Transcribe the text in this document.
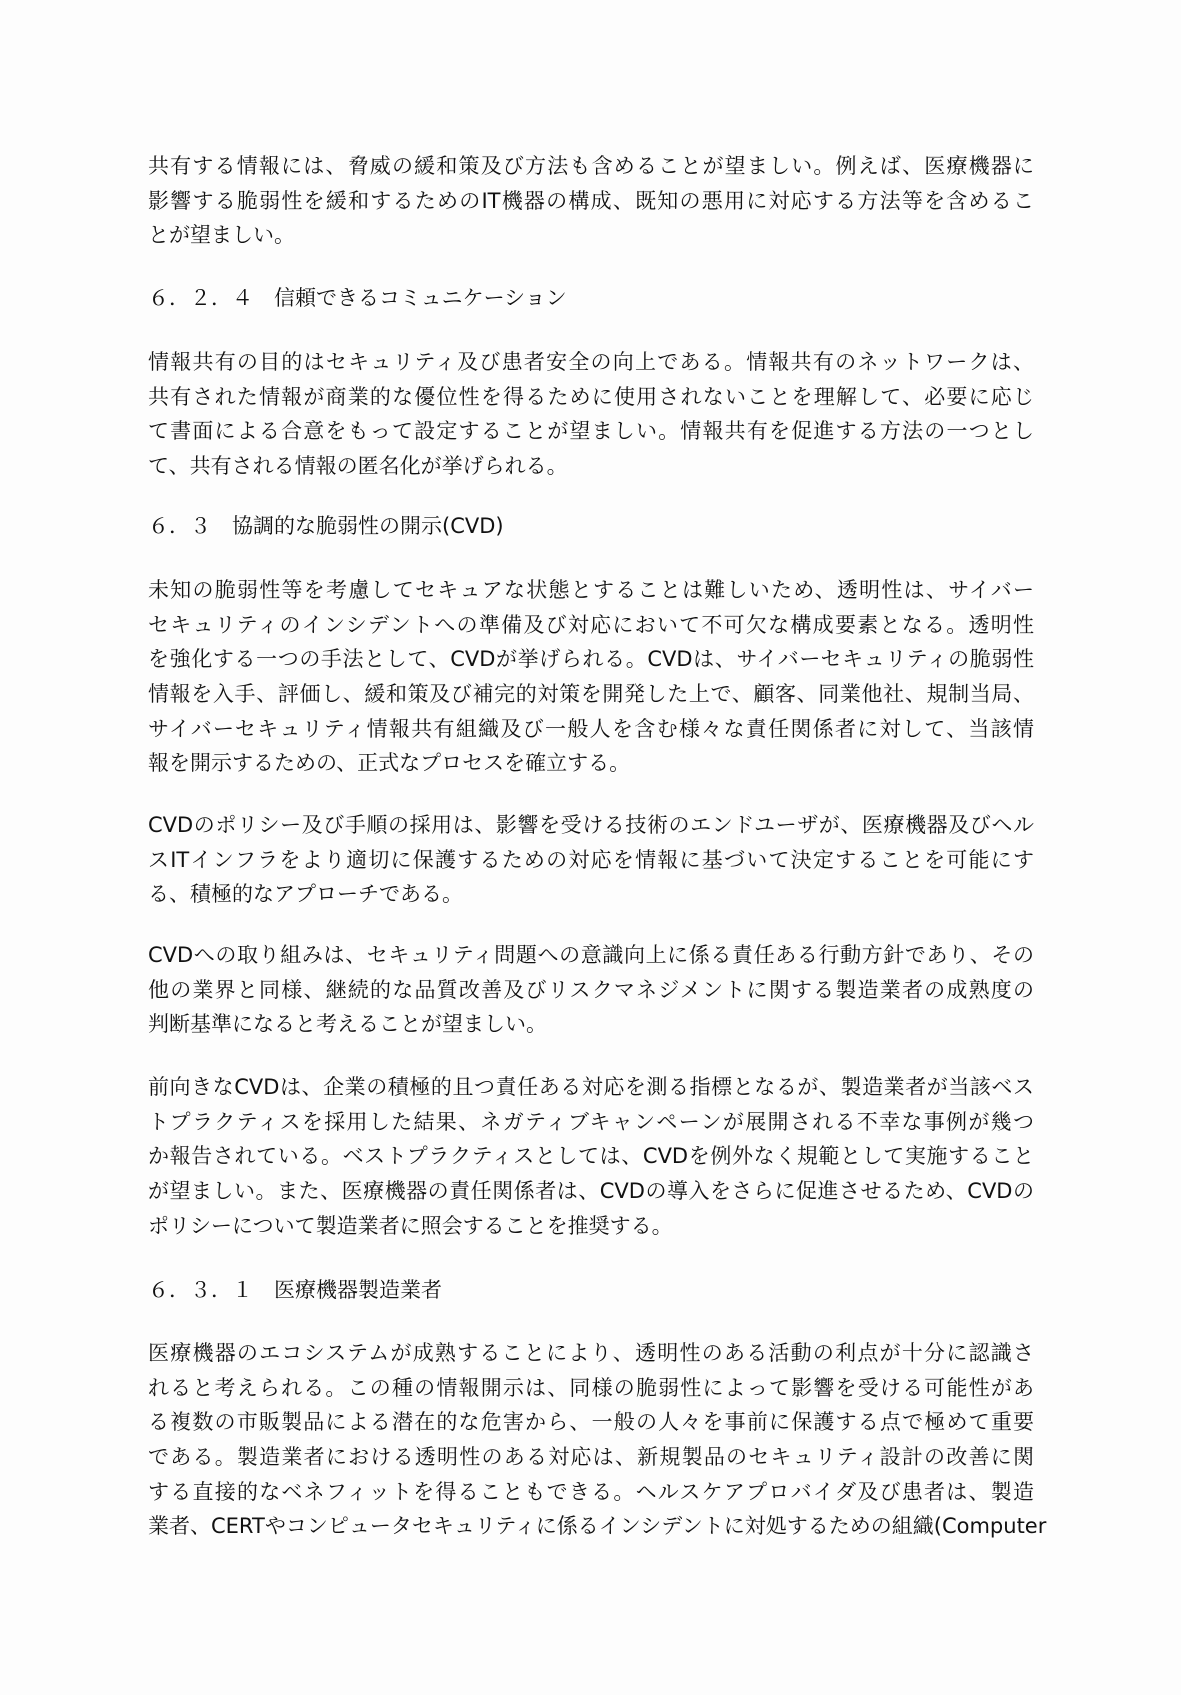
共有する情報には、脅威の緩和策及び方法も含めることが望ましい。例えば、医療機器に
影響する脆弱性を緩和するためのIT機器の構成、既知の悪用に対応する方法等を含めるこ
とが望ましい。
６．２．４　信頼できるコミュニケーション
情報共有の目的はセキュリティ及び患者安全の向上である。情報共有のネットワークは、
共有された情報が商業的な優位性を得るために使用されないことを理解して、必要に応じ
て書面による合意をもって設定することが望ましい。情報共有を促進する方法の一つとし
て、共有される情報の匿名化が挙げられる。
６．３　協調的な脆弱性の開示(CVD)
未知の脆弱性等を考慮してセキュアな状態とすることは難しいため、透明性は、サイバー
セキュリティのインシデントへの準備及び対応において不可欠な構成要素となる。透明性
を強化する一つの手法として、CVDが挙げられる。CVDは、サイバーセキュリティの脆弱性
情報を入手、評価し、緩和策及び補完的対策を開発した上で、顧客、同業他社、規制当局、
サイバーセキュリティ情報共有組織及び一般人を含む様々な責任関係者に対して、当該情
報を開示するための、正式なプロセスを確立する。
CVDのポリシー及び手順の採用は、影響を受ける技術のエンドユーザが、医療機器及びヘル
スITインフラをより適切に保護するための対応を情報に基づいて決定することを可能にす
る、積極的なアプローチである。
CVDへの取り組みは、セキュリティ問題への意識向上に係る責任ある行動方針であり、その
他の業界と同様、継続的な品質改善及びリスクマネジメントに関する製造業者の成熟度の
判断基準になると考えることが望ましい。
前向きなCVDは、企業の積極的且つ責任ある対応を測る指標となるが、製造業者が当該ベス
トプラクティスを採用した結果、ネガティブキャンペーンが展開される不幸な事例が幾つ
か報告されている。ベストプラクティスとしては、CVDを例外なく規範として実施すること
が望ましい。また、医療機器の責任関係者は、CVDの導入をさらに促進させるため、CVDの
ポリシーについて製造業者に照会することを推奨する。
６．３．１　医療機器製造業者
医療機器のエコシステムが成熟することにより、透明性のある活動の利点が十分に認識さ
れると考えられる。この種の情報開示は、同様の脆弱性によって影響を受ける可能性があ
る複数の市販製品による潜在的な危害から、一般の人々を事前に保護する点で極めて重要
である。製造業者における透明性のある対応は、新規製品のセキュリティ設計の改善に関
する直接的なベネフィットを得ることもできる。ヘルスケアプロバイダ及び患者は、製造
業者、CERTやコンピュータセキュリティに係るインシデントに対処するための組織(Computer
